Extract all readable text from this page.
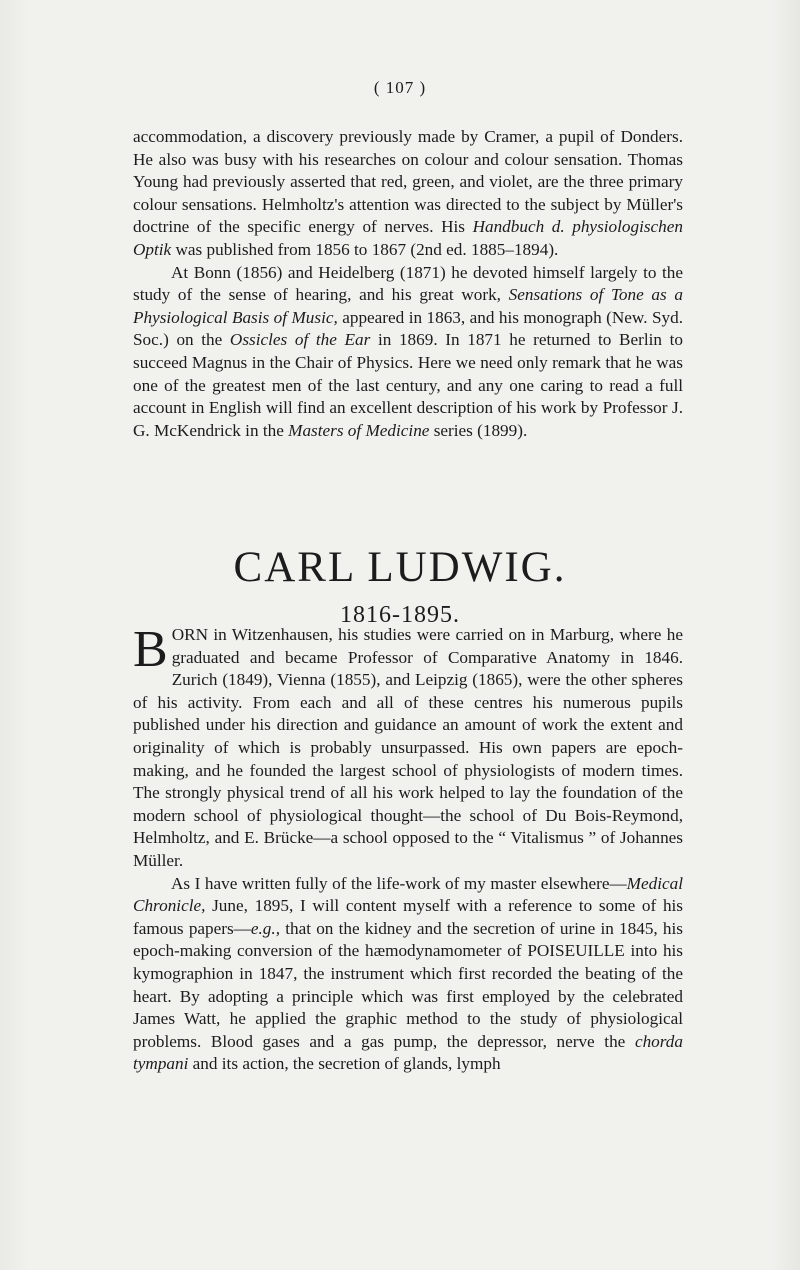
( 107 )

accommodation, a discovery previously made by Cramer, a pupil of Donders. He also was busy with his researches on colour and colour sensation. Thomas Young had previously asserted that red, green, and violet, are the three primary colour sensations. Helmholtz's attention was directed to the subject by Müller's doctrine of the specific energy of nerves. His Handbuch d. physiologischen Optik was published from 1856 to 1867 (2nd ed. 1885–1894).

At Bonn (1856) and Heidelberg (1871) he devoted himself largely to the study of the sense of hearing, and his great work, Sensations of Tone as a Physiological Basis of Music, appeared in 1863, and his monograph (New. Syd. Soc.) on the Ossicles of the Ear in 1869. In 1871 he returned to Berlin to succeed Magnus in the Chair of Physics. Here we need only remark that he was one of the greatest men of the last century, and any one caring to read a full account in English will find an excellent description of his work by Professor J. G. McKendrick in the Masters of Medicine series (1899).

CARL LUDWIG.
1816-1895.

BORN in Witzenhausen, his studies were carried on in Marburg, where he graduated and became Professor of Comparative Anatomy in 1846. Zurich (1849), Vienna (1855), and Leipzig (1865), were the other spheres of his activity. From each and all of these centres his numerous pupils published under his direction and guidance an amount of work the extent and originality of which is probably unsurpassed. His own papers are epoch-making, and he founded the largest school of physiologists of modern times. The strongly physical trend of all his work helped to lay the foundation of the modern school of physiological thought—the school of Du Bois-Reymond, Helmholtz, and E. Brücke—a school opposed to the “ Vitalismus ” of Johannes Müller.

As I have written fully of the life-work of my master elsewhere—Medical Chronicle, June, 1895, I will content myself with a reference to some of his famous papers—e.g., that on the kidney and the secretion of urine in 1845, his epoch-making conversion of the hæmodynamometer of POISEUILLE into his kymographion in 1847, the instrument which first recorded the beating of the heart. By adopting a principle which was first employed by the celebrated James Watt, he applied the graphic method to the study of physiological problems. Blood gases and a gas pump, the depressor, nerve the chorda tympani and its action, the secretion of glands, lymph
